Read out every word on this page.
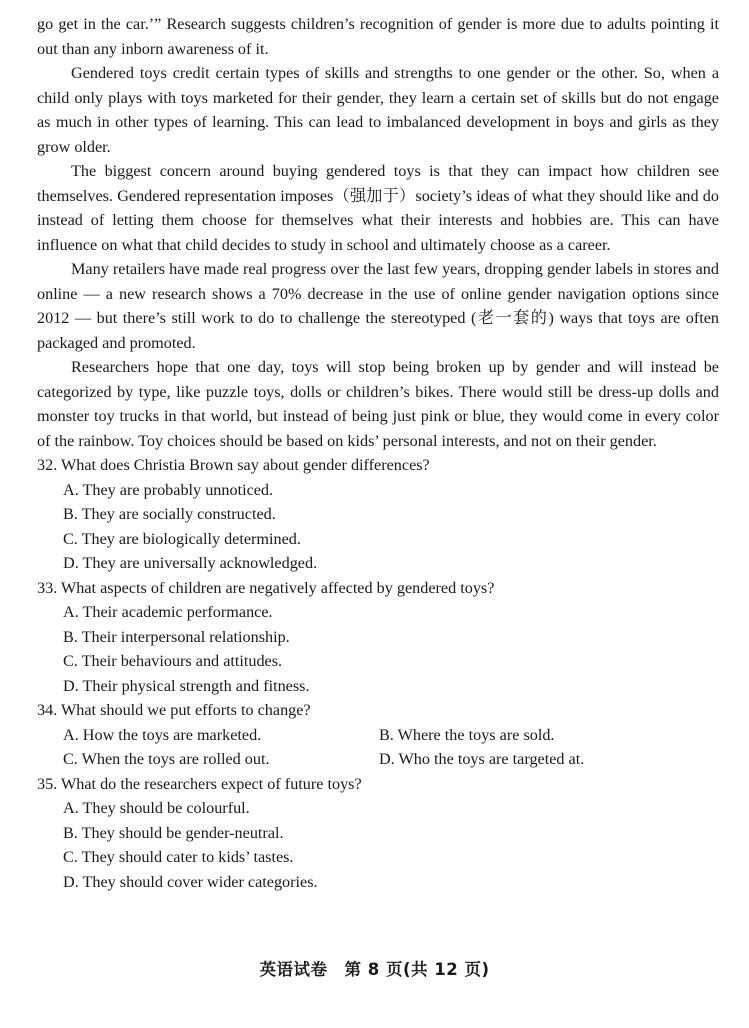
go get in the car.’” Research suggests children’s recognition of gender is more due to adults pointing it out than any inborn awareness of it.

Gendered toys credit certain types of skills and strengths to one gender or the other. So, when a child only plays with toys marketed for their gender, they learn a certain set of skills but do not engage as much in other types of learning. This can lead to imbalanced development in boys and girls as they grow older.

The biggest concern around buying gendered toys is that they can impact how children see themselves. Gendered representation imposes（强加于）society’s ideas of what they should like and do instead of letting them choose for themselves what their interests and hobbies are. This can have influence on what that child decides to study in school and ultimately choose as a career.

Many retailers have made real progress over the last few years, dropping gender labels in stores and online — a new research shows a 70% decrease in the use of online gender navigation options since 2012 — but there’s still work to do to challenge the stereotyped (老一套的) ways that toys are often packaged and promoted.

Researchers hope that one day, toys will stop being broken up by gender and will instead be categorized by type, like puzzle toys, dolls or children’s bikes. There would still be dress-up dolls and monster toy trucks in that world, but instead of being just pink or blue, they would come in every color of the rainbow. Toy choices should be based on kids’ personal interests, and not on their gender.

32. What does Christia Brown say about gender differences?
A. They are probably unnoticed.
B. They are socially constructed.
C. They are biologically determined.
D. They are universally acknowledged.
33. What aspects of children are negatively affected by gendered toys?
A. Their academic performance.
B. Their interpersonal relationship.
C. Their behaviours and attitudes.
D. Their physical strength and fitness.
34. What should we put efforts to change?
A. How the toys are marketed.	B. Where the toys are sold.
C. When the toys are rolled out.	D. Who the toys are targeted at.
35. What do the researchers expect of future toys?
A. They should be colourful.
B. They should be gender-neutral.
C. They should cater to kids’ tastes.
D. They should cover wider categories.
英语试卷　第 8 页(共 12 页)
